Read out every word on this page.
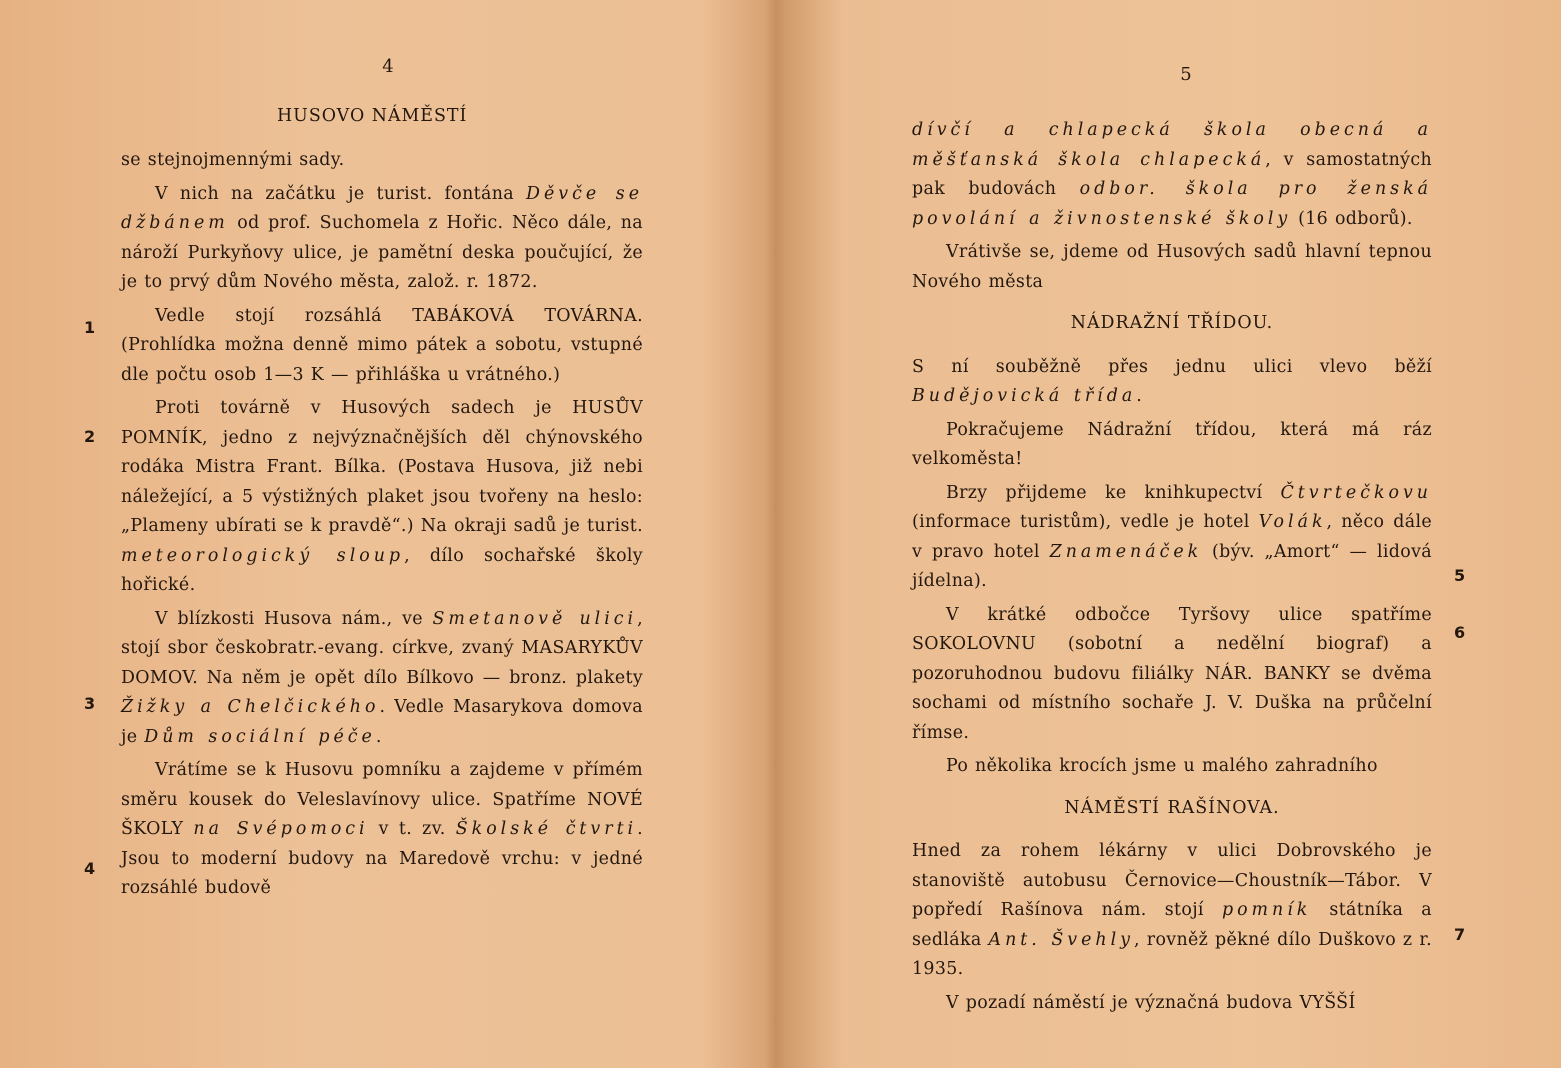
4
HUSOVO NÁMĚSTÍ
1
2
3
4

se stejnojmennými sady.

V nich na začátku je turist. fontána Děvče se džbánem od prof. Suchomela z Hořic. Něco dále, na nároží Purkyňovy ulice, je pamětní deska poučující, že je to prvý dům Nového města, založ. r. 1872.

Vedle stojí rozsáhlá TABÁKOVÁ TOVÁRNA. (Prohlídka možna denně mimo pátek a sobotu, vstupné dle počtu osob 1—3 K — přihláška u vrátného.)

Proti továrně v Husových sadech je HUSŮV POMNÍK, jedno z nejvýznačnějších děl chýnovského rodáka Mistra Frant. Bílka. (Postava Husova, již nebi náležející, a 5 výstižných plaket jsou tvořeny na heslo: „Plameny ubírati se k pravdě“.) Na okraji sadů je turist. meteorologický sloup, dílo sochařské školy hořické.

V blízkosti Husova nám., ve Smetanově ulici, stojí sbor českobratr.-evang. církve, zvaný MASARYKŮV DOMOV. Na něm je opět dílo Bílkovo — bronz. plakety Žižky a Chelčického. Vedle Masarykova domova je Dům sociální péče.

Vrátíme se k Husovu pomníku a zajdeme v přímém směru kousek do Veleslavínovy ulice. Spatříme NOVÉ ŠKOLY na Svépomoci v t. zv. Školské čtvrti. Jsou to moderní budovy na Maredově vrchu: v jedné rozsáhlé budově

5
5
6
7

dívčí a chlapecká škola obecná a měšťanská škola chlapecká, v samostatných pak budovách odbor. škola pro ženská povolání a živnostenské školy (16 odborů).

Vrátivše se, jdeme od Husových sadů hlavní tepnou Nového města

NÁDRAŽNÍ TŘÍDOU.

S ní souběžně přes jednu ulici vlevo běží Budějovická třída.

Pokračujeme Nádražní třídou, která má ráz velkoměsta!

Brzy přijdeme ke knihkupectví Čtvrtečkovu (informace turistům), vedle je hotel Volák, něco dále v pravo hotel Znamenáček (býv. „Amort“ — lidová jídelna).

V krátké odbočce Tyršovy ulice spatříme SOKOLOVNU (sobotní a nedělní biograf) a pozoruhodnou budovu filiálky NÁR. BANKY se dvěma sochami od místního sochaře J. V. Duška na průčelní římse.

Po několika krocích jsme u malého zahradního

NÁMĚSTÍ RAŠÍNOVA.

Hned za rohem lékárny v ulici Dobrovského je stanoviště autobusu Černovice—Choustník—Tábor. V popředí Rašínova nám. stojí pomník státníka a sedláka Ant. Švehly, rovněž pěkné dílo Duškovo z r. 1935.

V pozadí náměstí je význačná budova VYŠŠÍ
